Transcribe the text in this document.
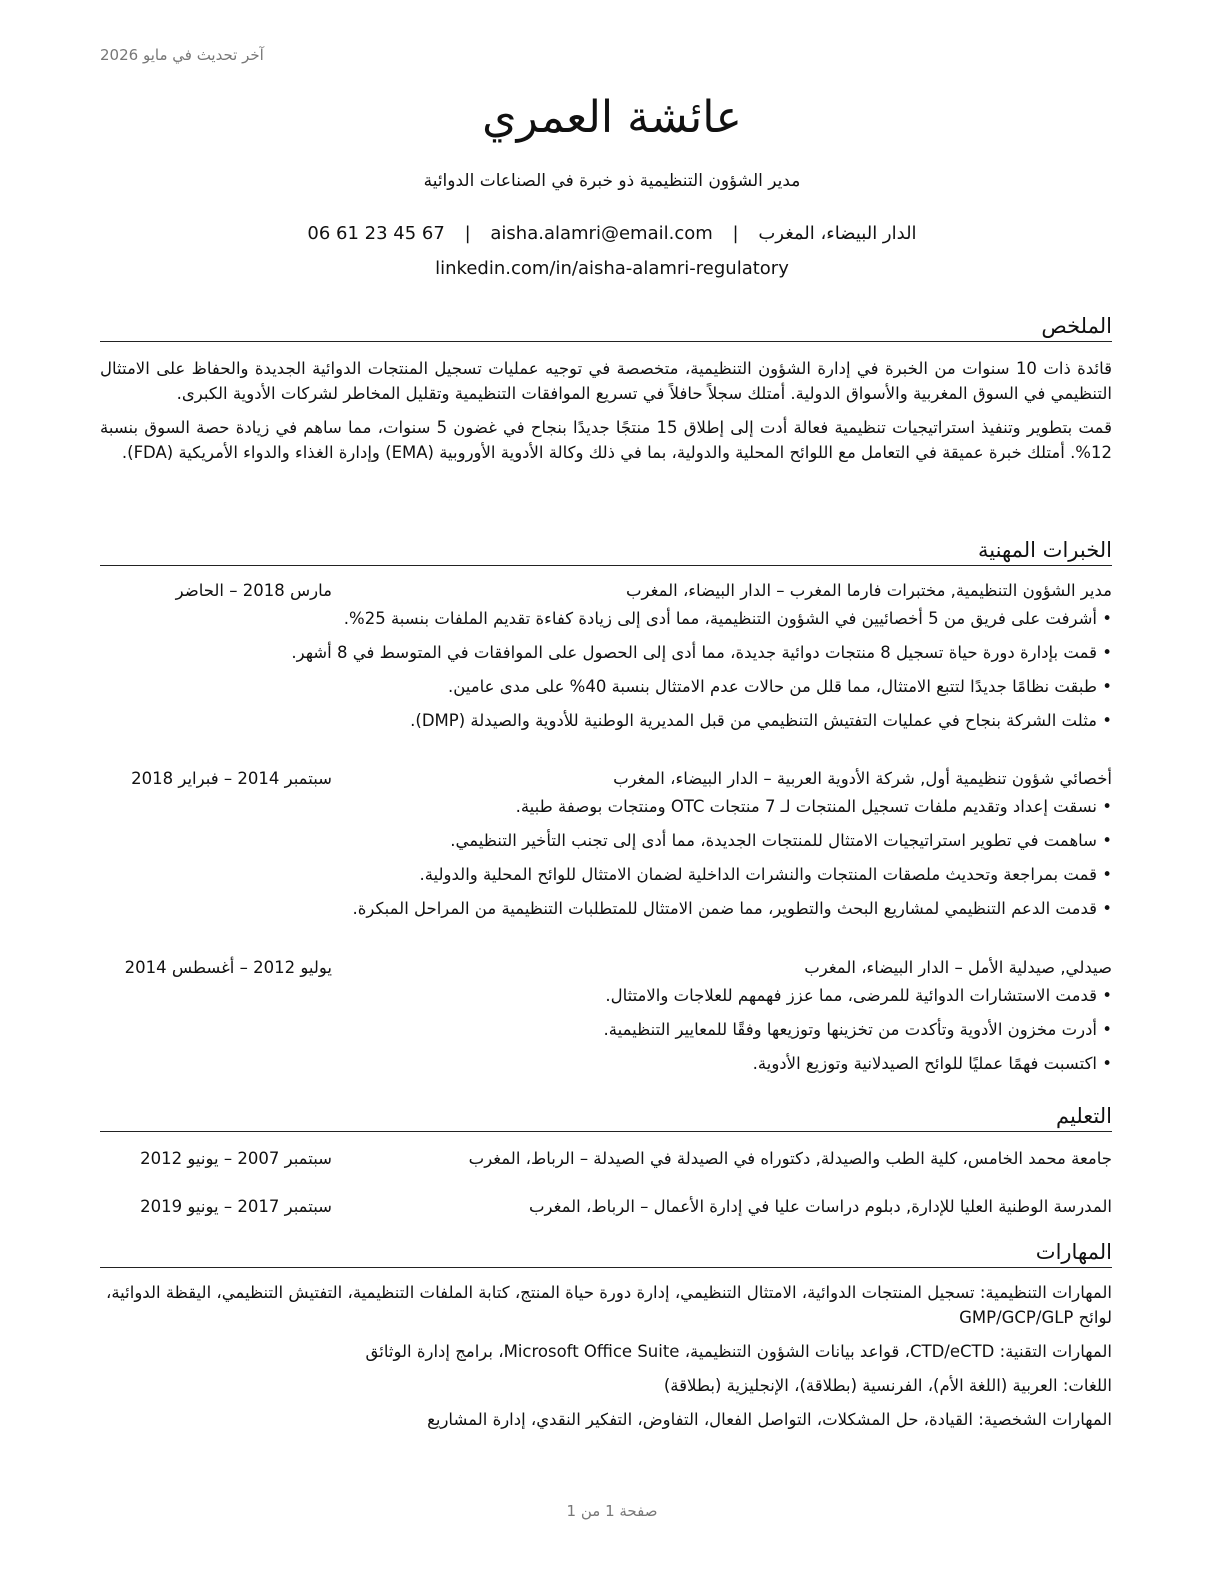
آخر تحديث في مايو 2026
عائشة العمري
مدير الشؤون التنظيمية ذو خبرة في الصناعات الدوائية
الدار البيضاء، المغرب | aisha.alamri@email.com | 06 61 23 45 67
linkedin.com/in/aisha-alamri-regulatory
الملخص

قائدة ذات 10 سنوات من الخبرة في إدارة الشؤون التنظيمية، متخصصة في توجيه عمليات تسجيل المنتجات الدوائية الجديدة والحفاظ على الامتثال التنظيمي في السوق المغربية والأسواق الدولية. أمتلك سجلاً حافلاً في تسريع الموافقات التنظيمية وتقليل المخاطر لشركات الأدوية الكبرى.

قمت بتطوير وتنفيذ استراتيجيات تنظيمية فعالة أدت إلى إطلاق 15 منتجًا جديدًا بنجاح في غضون 5 سنوات، مما ساهم في زيادة حصة السوق بنسبة 12%. أمتلك خبرة عميقة في التعامل مع اللوائح المحلية والدولية، بما في ذلك وكالة الأدوية الأوروبية (EMA) وإدارة الغذاء والدواء الأمريكية (FDA).

الخبرات المهنية
مدير الشؤون التنظيمية, مختبرات فارما المغرب – الدار البيضاء، المغرب
مارس 2018 – الحاضر
• أشرفت على فريق من 5 أخصائيين في الشؤون التنظيمية، مما أدى إلى زيادة كفاءة تقديم الملفات بنسبة 25%.
• قمت بإدارة دورة حياة تسجيل 8 منتجات دوائية جديدة، مما أدى إلى الحصول على الموافقات في المتوسط في 8 أشهر.
• طبقت نظامًا جديدًا لتتبع الامتثال، مما قلل من حالات عدم الامتثال بنسبة 40% على مدى عامين.
• مثلت الشركة بنجاح في عمليات التفتيش التنظيمي من قبل المديرية الوطنية للأدوية والصيدلة (DMP).
أخصائي شؤون تنظيمية أول, شركة الأدوية العربية – الدار البيضاء، المغرب
سبتمبر 2014 – فبراير 2018
• نسقت إعداد وتقديم ملفات تسجيل المنتجات لـ 7 منتجات OTC ومنتجات بوصفة طبية.
• ساهمت في تطوير استراتيجيات الامتثال للمنتجات الجديدة، مما أدى إلى تجنب التأخير التنظيمي.
• قمت بمراجعة وتحديث ملصقات المنتجات والنشرات الداخلية لضمان الامتثال للوائح المحلية والدولية.
• قدمت الدعم التنظيمي لمشاريع البحث والتطوير، مما ضمن الامتثال للمتطلبات التنظيمية من المراحل المبكرة.
صيدلي, صيدلية الأمل – الدار البيضاء، المغرب
يوليو 2012 – أغسطس 2014
• قدمت الاستشارات الدوائية للمرضى، مما عزز فهمهم للعلاجات والامتثال.
• أدرت مخزون الأدوية وتأكدت من تخزينها وتوزيعها وفقًا للمعايير التنظيمية.
• اكتسبت فهمًا عمليًا للوائح الصيدلانية وتوزيع الأدوية.
التعليم
جامعة محمد الخامس، كلية الطب والصيدلة, دكتوراه في الصيدلة في الصيدلة – الرباط، المغرب
سبتمبر 2007 – يونيو 2012
المدرسة الوطنية العليا للإدارة, دبلوم دراسات عليا في إدارة الأعمال – الرباط، المغرب
سبتمبر 2017 – يونيو 2019
المهارات

المهارات التنظيمية: تسجيل المنتجات الدوائية، الامتثال التنظيمي، إدارة دورة حياة المنتج، كتابة الملفات التنظيمية، التفتيش التنظيمي، اليقظة الدوائية، لوائح GMP/GCP/GLP

المهارات التقنية: CTD/eCTD، قواعد بيانات الشؤون التنظيمية، Microsoft Office Suite، برامج إدارة الوثائق

اللغات: العربية (اللغة الأم)، الفرنسية (بطلاقة)، الإنجليزية (بطلاقة)

المهارات الشخصية: القيادة، حل المشكلات، التواصل الفعال، التفاوض، التفكير النقدي، إدارة المشاريع

صفحة 1 من 1
